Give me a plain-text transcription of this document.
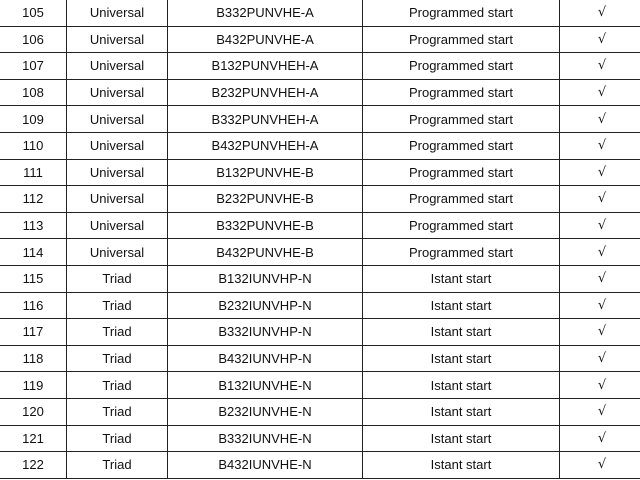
105	Universal	B332PUNVHE-A	Programmed start	√
106	Universal	B432PUNVHE-A	Programmed start	√
107	Universal	B132PUNVHEH-A	Programmed start	√
108	Universal	B232PUNVHEH-A	Programmed start	√
109	Universal	B332PUNVHEH-A	Programmed start	√
110	Universal	B432PUNVHEH-A	Programmed start	√
111	Universal	B132PUNVHE-B	Programmed start	√
112	Universal	B232PUNVHE-B	Programmed start	√
113	Universal	B332PUNVHE-B	Programmed start	√
114	Universal	B432PUNVHE-B	Programmed start	√
115	Triad	B132IUNVHP-N	Istant start	√
116	Triad	B232IUNVHP-N	Istant start	√
117	Triad	B332IUNVHP-N	Istant start	√
118	Triad	B432IUNVHP-N	Istant start	√
119	Triad	B132IUNVHE-N	Istant start	√
120	Triad	B232IUNVHE-N	Istant start	√
121	Triad	B332IUNVHE-N	Istant start	√
122	Triad	B432IUNVHE-N	Istant start	√
